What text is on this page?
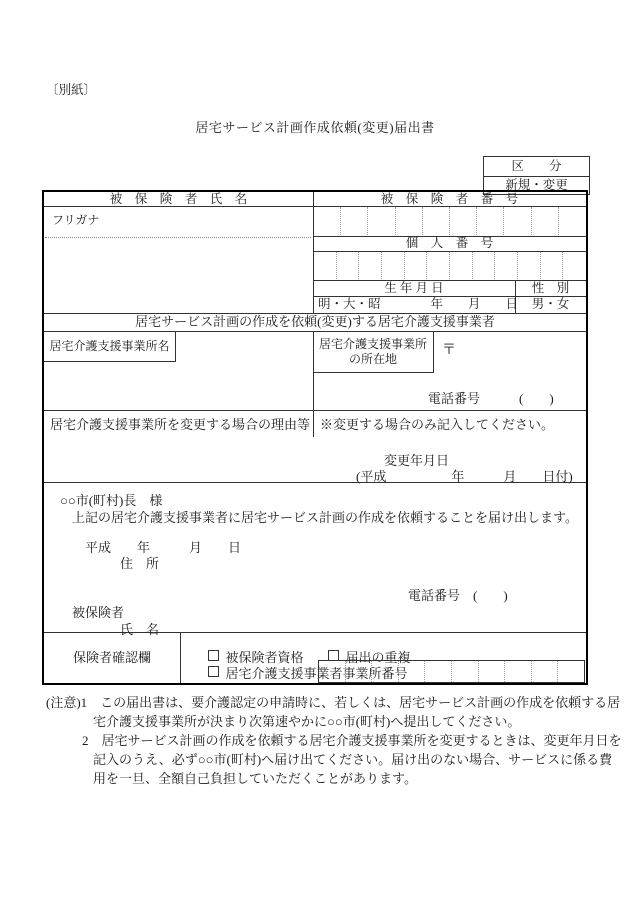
〔別紙〕
居宅サービス計画作成依頼(変更)届出書
区　　分
新規・変更
被　保　険　者　氏　名	被　保　険　者　番　号
フリガナ
個　人　番　号
生 年 月 日	性　別
明・大・昭　　　　年　　月　　日	男・女
居宅サービス計画の作成を依頼(変更)する居宅介護支援事業者
居宅介護支援事業所名	居宅介護支援事業所
の所在地
〒
電話番号　　　(　　)
居宅介護支援事業所を変更する場合の理由等 ※変更する場合のみ記入してください。
変更年月日
(平成　　　　　年　　　月　　日付)
○○市(町村)長　様
上記の居宅介護支援事業者に居宅サービス計画の作成を依頼することを届け出します。
平成　　年　　　月　　日
住　所
電話番号　(　　)
被保険者
氏　名
保険者確認欄	被保険者資格	届出の重複

居宅介護支援事業者事業所番号

(注意)1　この届出書は、要介護認定の申請時に、若しくは、居宅サービス計画の作成を依頼する居
宅介護支援事業所が決まり次第速やかに○○市(町村)へ提出してください。
2　居宅サービス計画の作成を依頼する居宅介護支援事業所を変更するときは、変更年月日を
記入のうえ、必ず○○市(町村)へ届け出てください。届け出のない場合、サービスに係る費
用を一旦、全額自己負担していただくことがあります。
